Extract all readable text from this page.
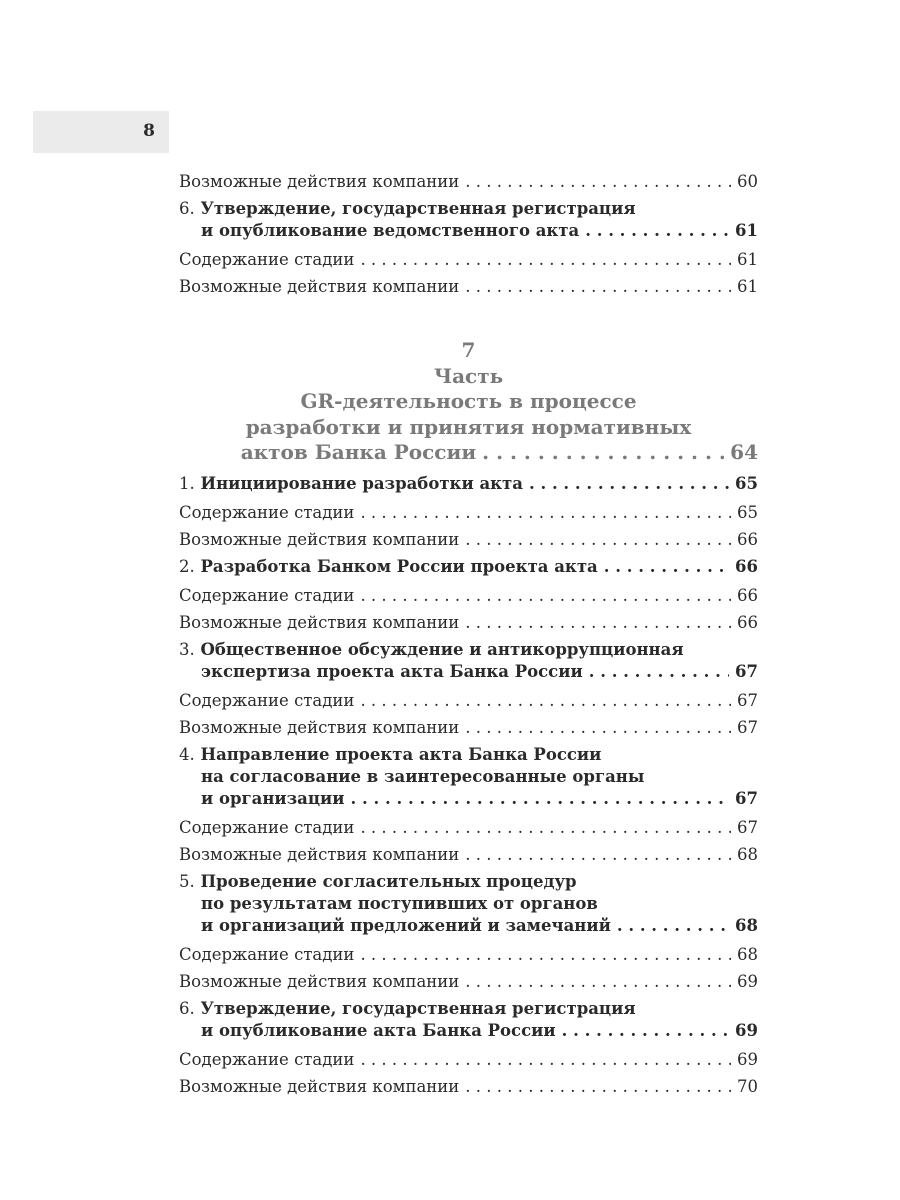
8
Возможные действия компании . . .	60
6. Утверждение, государственная регистрация
и опубликование ведомственного акта . . .	61
Содержание стадии . . .	61
Возможные действия компании . . .	61
7
Часть
GR-деятельность в процессе
разработки и принятия нормативных
актов Банка России . . .	64
1. Инициирование разработки акта . . .	65
Содержание стадии . . .	65
Возможные действия компании . . .	66
2. Разработка Банком России проекта акта . . .	66
Содержание стадии . . .	66
Возможные действия компании . . .	66
3. Общественное обсуждение и антикоррупционная
экспертиза проекта акта Банка России . . .	67
Содержание стадии . . .	67
Возможные действия компании . . .	67
4. Направление проекта акта Банка России
на согласование в заинтересованные органы
и организации . . .	67
Содержание стадии . . .	67
Возможные действия компании . . .	68
5. Проведение согласительных процедур
по результатам поступивших от органов
и организаций предложений и замечаний . . .	68
Содержание стадии . . .	68
Возможные действия компании . . .	69
6. Утверждение, государственная регистрация
и опубликование акта Банка России . . .	69
Содержание стадии . . .	69
Возможные действия компании . . .	70
